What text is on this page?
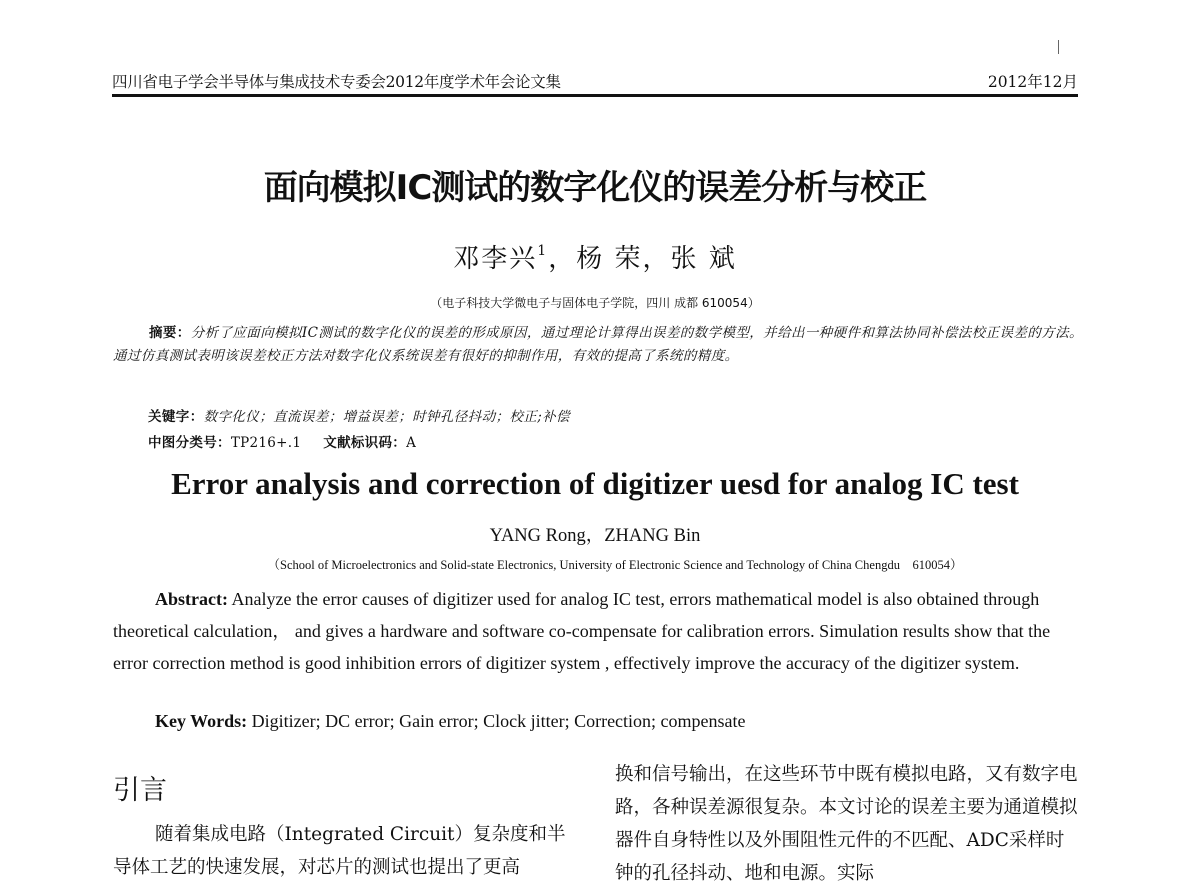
四川省电子学会半导体与集成技术专委会2012年度学术年会论文集	2012年12月
面向模拟IC测试的数字化仪的误差分析与校正
邓李兴$^1$，杨 荣，张 斌
（电子科技大学微电子与固体电子学院，四川 成都 610054）
摘要：分析了应面向模拟IC测试的数字化仪的误差的形成原因，通过理论计算得出误差的数学模型，并给出一种硬件和算法协同补偿法校正误差的方法。通过仿真测试表明该误差校正方法对数字化仪系统误差有很好的抑制作用，有效的提高了系统的精度。
关键字：数字化仪；直流误差；增益误差；时钟孔径抖动；校正;补偿
中图分类号：TP216+.1 文献标识码：A
Error analysis and correction of digitizer uesd for analog IC test
YANG Rong，ZHANG Bin
（School of Microelectronics and Solid-state Electronics, University of Electronic Science and Technology of China Chengdu　610054）
Abstract: Analyze the error causes of digitizer used for analog IC test, errors mathematical model is also obtained through theoretical calculation， and gives a hardware and software co-compensate for calibration errors. Simulation results show that the error correction method is good inhibition errors of digitizer system , effectively improve the accuracy of the digitizer system.
Key Words: Digitizer; DC error; Gain error; Clock jitter; Correction; compensate
引言
随着集成电路（Integrated Circuit）复杂度和半导体工艺的快速发展，对芯片的测试也提出了更高
换和信号输出，在这些环节中既有模拟电路，又有数字电路，各种误差源很复杂。本文讨论的误差主要为通道模拟器件自身特性以及外围阻性元件的不匹配、ADC采样时钟的孔径抖动、地和电源。实际
